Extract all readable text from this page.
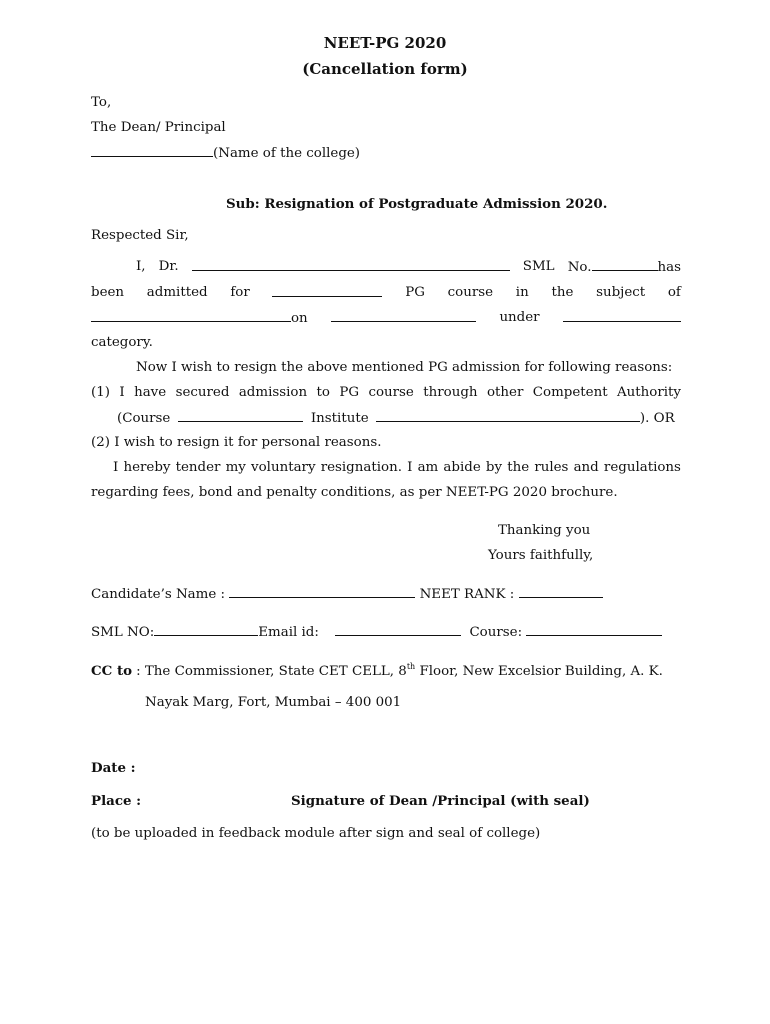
NEET-PG 2020
(Cancellation form)
To,
The Dean/ Principal
(Name of the college)
Sub: Resignation of Postgraduate Admission 2020.
Respected Sir,
I, Dr.	SML No.	has
been admitted for	PG course in the subject of
on	under
category.
Now I wish to resign the above mentioned PG admission for following reasons:
(1) I have secured admission to PG course through other Competent Authority
(Course	Institute	). OR
(2) I wish to resign it for personal reasons.
I hereby tender my voluntary resignation. I am abide by the rules and regulations
regarding fees, bond and penalty conditions, as per NEET-PG 2020 brochure.
Thanking you
Yours faithfully,
Candidate’s Name :	NEET RANK :
SML NO:	Email id:	Course:
CC to : The Commissioner, State CET CELL, 8th Floor, New Excelsior Building, A. K.
Nayak Marg, Fort, Mumbai – 400 001
Date :
Place :	Signature of Dean /Principal (with seal)
(to be uploaded in feedback module after sign and seal of college)
